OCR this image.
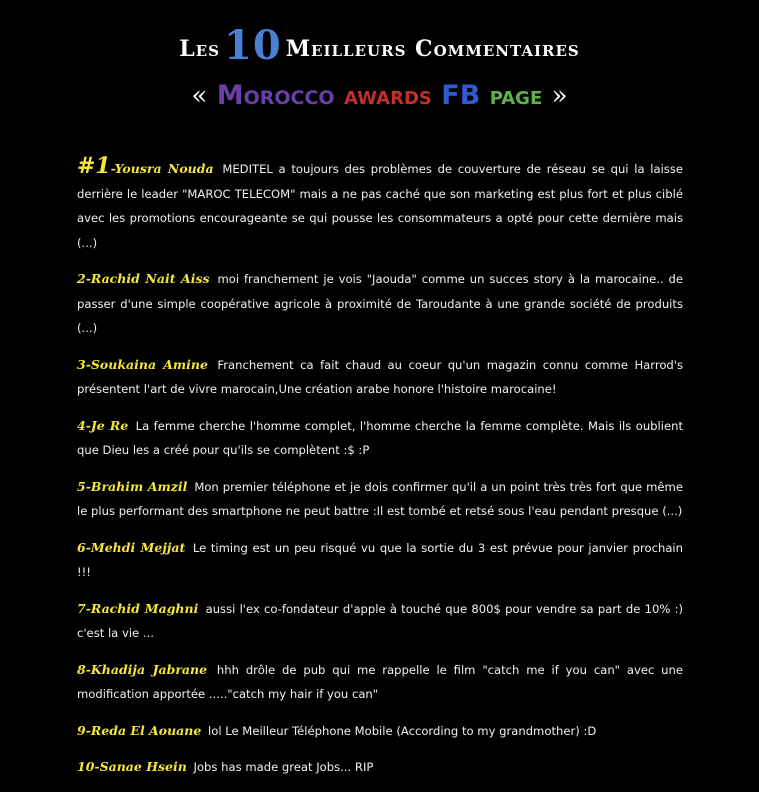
Les 10 Meilleurs Commentaires
« Morocco awards FB page »
#1-Yousra Nouda MEDITEL a toujours des problèmes de couverture de réseau se qui la laisse derrière le leader "MAROC TELECOM" mais a ne pas caché que son marketing est plus fort et plus ciblé avec les promotions encourageante se qui pousse les consommateurs a opté pour cette dernière mais (...)
2-Rachid Nait Aiss moi franchement je vois "Jaouda" comme un succes story à la marocaine.. de passer d'une simple coopérative agricole à proximité de Taroudante à une grande société de produits (...)
3-Soukaina Amine Franchement ca fait chaud au coeur qu'un magazin connu comme Harrod's présentent l'art de vivre marocain,Une création arabe honore l'histoire marocaine!
4-Je Re La femme cherche l'homme complet, l'homme cherche la femme complète. Mais ils oublient que Dieu les a créé pour qu'ils se complètent :$ :P
5-Brahim Amzil Mon premier téléphone et je dois confirmer qu'il a un point très très fort que même le plus performant des smartphone ne peut battre :Il est tombé et retsé sous l'eau pendant presque (...)
6-Mehdi Mejjat Le timing est un peu risqué vu que la sortie du 3 est prévue pour janvier prochain !!!
7-Rachid Maghni aussi l'ex co-fondateur d'apple à touché que 800$ pour vendre sa part de 10% :) c'est la vie ...
8-Khadija Jabrane hhh drôle de pub qui me rappelle le film "catch me if you can" avec une modification apportée ....."catch my hair if you can"
9-Reda El Aouane lol Le Meilleur Téléphone Mobile (According to my grandmother) :D
10-Sanae Hsein Jobs has made great Jobs... RIP
